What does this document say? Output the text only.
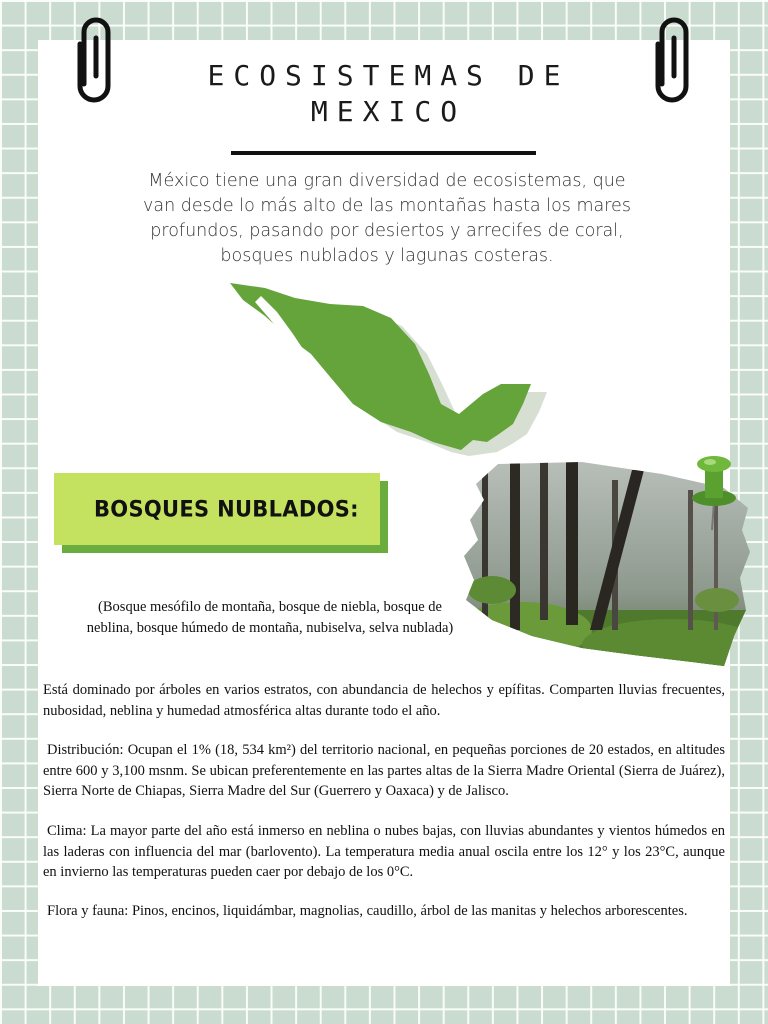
ECOSISTEMAS DE
MEXICO
México tiene una gran diversidad de ecosistemas, que van desde lo más alto de las montañas hasta los mares profundos, pasando por desiertos y arrecifes de coral, bosques nublados y lagunas costeras.
BOSQUES NUBLADOS:
(Bosque mesófilo de montaña, bosque de niebla, bosque de neblina, bosque húmedo de montaña, nubiselva, selva nublada)

Está dominado por árboles en varios estratos, con abundancia de helechos y epífitas. Comparten lluvias frecuentes, nubosidad, neblina y humedad atmosférica altas durante todo el año.

Distribución: Ocupan el 1% (18, 534 km²) del territorio nacional, en pequeñas porciones de 20 estados, en altitudes entre 600 y 3,100 msnm. Se ubican preferentemente en las partes altas de la Sierra Madre Oriental (Sierra de Juárez), Sierra Norte de Chiapas, Sierra Madre del Sur (Guerrero y Oaxaca) y de Jalisco.

Clima: La mayor parte del año está inmerso en neblina o nubes bajas, con lluvias abundantes y vientos húmedos en las laderas con influencia del mar (barlovento). La temperatura media anual oscila entre los 12° y los 23°C, aunque en invierno las temperaturas pueden caer por debajo de los 0°C.

Flora y fauna: Pinos, encinos, liquidámbar, magnolias, caudillo, árbol de las manitas y helechos arborescentes.
